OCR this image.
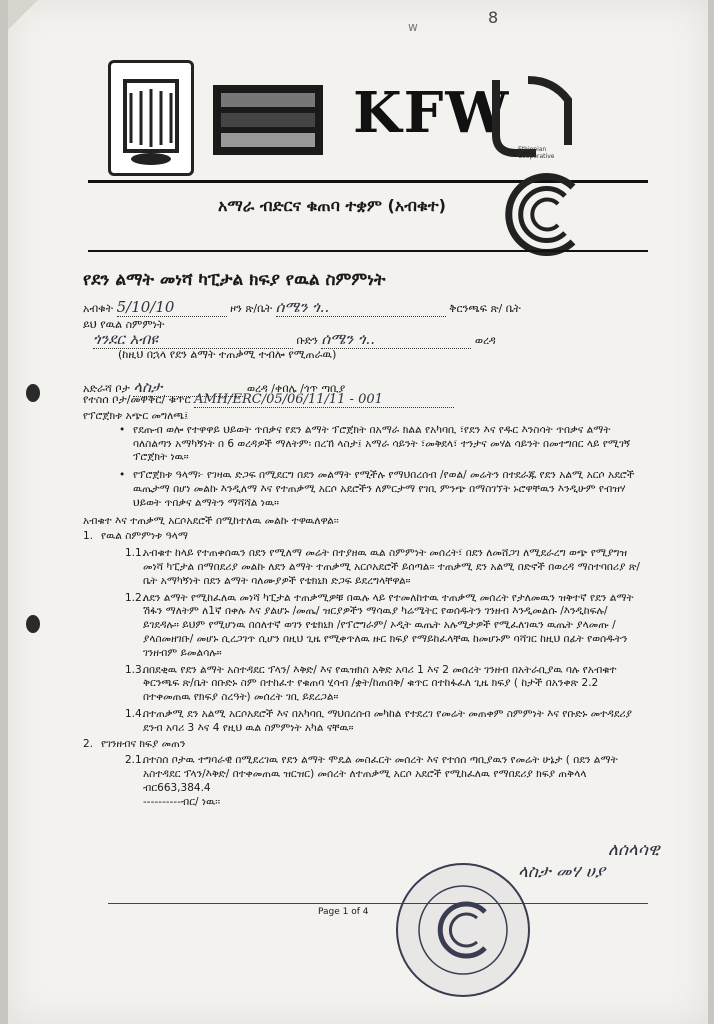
8
w
KFW
Ethiopian Cooperative
አማራ ብድርና ቁጠባ ተቋም (አብቁተ)
የደን ልማት መነሻ ካፒታል ክፍያ የዉል ስምምነት
አብቁት 5/10/10	ዞን ጽ/ቤት ሰሜን ጎ..	ቅርንጫፍ ጽ/ ቤት
ይህ የዉል ስምምነት
ጎንደር አብዩ	ቡድን ሰሜን ጎ..	ወረዳ
(ከዚህ በኋላ የደን ልማት ተጠቃሚ ተብሎ የሚጠራዉ)
አድራሻ ቦታ ላስታ	ወረዳ /ቀበሌ /ጎጥ ጣቢያ
የተስሰ ቦታ/መዋቅር/ ቁጥር AMH/ERC/05/06/11/11 - 001

የፕሮጀክቱ አጭር መግለጫ፤

• የደጡብ ወሎ የተዋዋይ ህይወት ጥበቃና የደን ልማት ፕሮጀክት በአማራ ክልል የአካባቢ ፣የደን እና የዱር እንስሳት ጥበቃና ልማት ባለስልጣን አማካኝነት በ 6 ወረዳዎች ማለትም፡ በረኸ ላስታ፤ አማራ ሳይንት ፣መቅደላ፣ ተንታና መሃል ሳይንት በመተግበር ላይ የሚገኝ ፕሮጀክት ነዉ።

• የፕሮጀክቱ ዓላማ፦ የገዛዉ ድጋፍ በሚደርግ በደን መልማት የሚችሉ የማህበረሰብ /የወል/ መሬትን በተደራጁ የደን አልሚ አርሶ አደሮች ዉጤታማ በሆነ መልኩ እንዲለማ እና የተጠቃሚ አርሶ አደሮችን ለምርታማ የገቢ ምንጭ በማስገኘት ኑሮዋቸዉን እንዲሁም የብዝሃ ህይወት ጥበቃና ልማትን ማሻሻል ነዉ።

አብቁተ እና ተጠቃሚ አርሶአደሮች በሚከተለዉ መልኩ ተዋዉለዋል፡፡

1. የዉል ስምምነቱ ዓላማ
1.1.
አብቁተ ከላይ የተጠቀሰዉን በደን የሚለማ መሬት በተያዘዉ ዉል ስምምነት መሰረት፣ በደን ለመሸጋገ ለሚደራረግ ወጭ የሚያግዝ መነሻ ካፒታል በማበደሪያ መልኩ ለደን ልማት ተጠቃሚ አርሶአደሮች ይሰጣል፡፡ ተጠቃሚ ደን አልሚ በድኖች በወረዳ ማስተባበሪያ ጽ/ ቤት አማካኝነት በደን ልማት ባለሙያዎች የቴክኒክ ድጋፍ ይደረግላቸዋል።
1.2.
ለደን ልማት የሚከፈለዉ መነሻ ካፒታል ተጠቃሚዎቹ በዉሉ ላይ የተመለከተዉ ተጠቃሚ መሰረት የታለመዉን ዝቅተኛ የደን ልማት ሽፋን ማለትም ለ1ኛ በቀሉ እና ያልሆኑ /መጤ/ ዝርያዎችን ማሳዉያ ካሬሜትር የወሰዱትን ገንዘብ እንዲመልሱ /እንዲከፍሉ/ ይገደዳሉ። ይህም የሚሆነዉ በሰለተኛ ወገን የቴክኒክ /የፕሮግራም/ ኦዲት ዉጤት አሉሚታዎች የሚፈለገዉን ዉጤት ያላመጡ /ያላስመዘገቡ/ መሆኑ ሲረጋገጥ ሲሆን በዚህ ጊዜ የሚቀጥለዉ ዙር ክፍያ የማይከፈላቸዉ ከመሆኑም ባሻገር ከዚህ በፊት የወሰዱትን ገንዘብም ይመልሳሉ።
1.3.
በበደቂዉ የደን ልማት አስተዳደር ፕላን/ እቅድ/ እና የዉዝክስ አቅድ አባሪ 1 እና 2 መሰረት ገንዘብ በአትራቢያዉ ባሉ የአብቁተ ቅርንጫፍ ጽ/ቤት በቡድኑ ስም በተከፈተ የቁጠባ ሂሳብ /ቋት/ከጠበቅ/ ቁጥር በተከፋፈለ ጊዜ ክፍያ ( ከታች በአንቀጽ 2.2 በተቀመጠዉ የክፍያ ስረዓት) መሰረት ገቢ ይደረጋል።
1.4.
በተጠቃሚ ደን አልሚ አርሶአደሮች እና በአካባቢ ማህበረሰብ መካከል የተደረገ የመሬት መጠቀም ስምምነት እና የቡድኑ መተዳደሪያ ደንብ አባሪ 3 እና 4 የዚህ ዉል ስምምነት አካል ናቸዉ።
2. የገንዘብና ክፍያ መጠን
2.1.
በተስሰ ቦታዉ ተግባራዊ በሚደረገዉ የደን ልማት ሞዴል መስፈርት መሰረት እና የተሰሰ ጣቢያዉን የመሬት ሁኔታ ( በደን ልማት አስተዳደር ፕላን/እቅድ/ በተቀመጠዉ ዝርዝር) መሰረት ለተጠቃሚ አርሶ አደሮች የሚከፈለዉ የማበደሪያ ክፍያ ጠቅላላ ብር663,384.4

----------ብር/ ነዉ፡፡

ለሰላሳዊ
ላስታ መሃ ሀያ
Page 1 of 4
